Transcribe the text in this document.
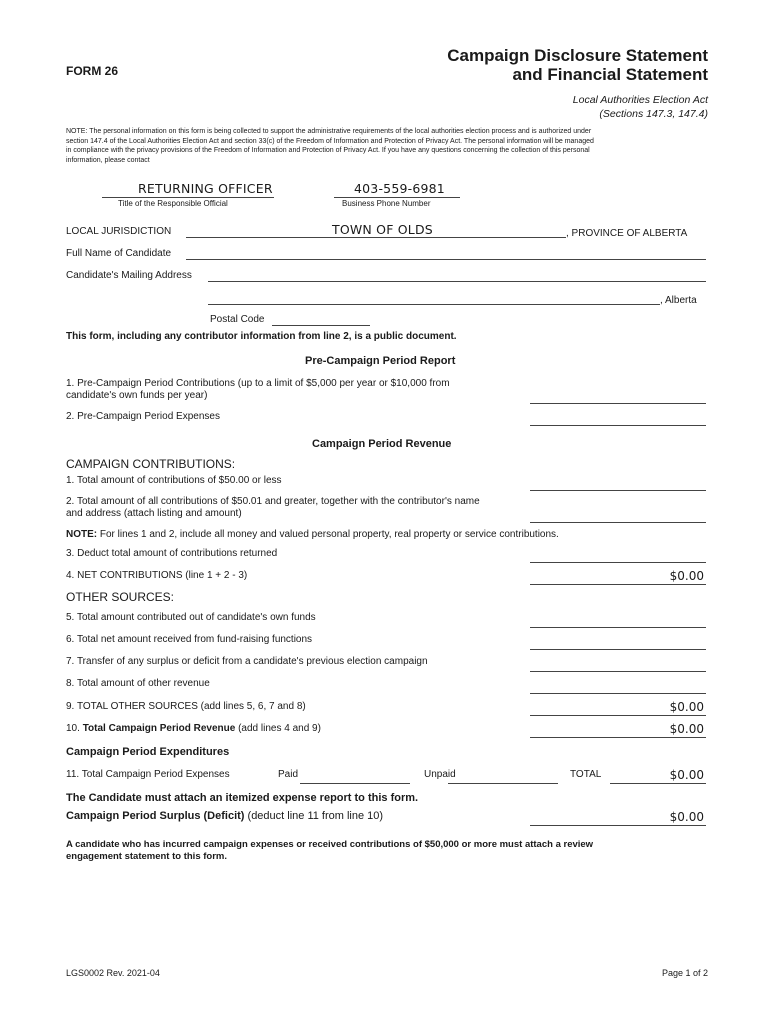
FORM 26
Campaign Disclosure Statement
and Financial Statement
Local Authorities Election Act
(Sections 147.3, 147.4)
NOTE: The personal information on this form is being collected to support the administrative requirements of the local authorities election process and is authorized under
section 147.4 of the Local Authorities Election Act and section 33(c) of the Freedom of Information and Protection of Privacy Act. The personal information will be managed
in compliance with the privacy provisions of the Freedom of Information and Protection of Privacy Act. If you have any questions concerning the collection of this personal
information, please contact
RETURNING OFFICER
Title of the Responsible Official
403-559-6981
Business Phone Number
LOCAL JURISDICTION	TOWN OF OLDS	, PROVINCE OF ALBERTA
Full Name of Candidate
Candidate's Mailing Address
, Alberta
Postal Code
This form, including any contributor information from line 2, is a public document.
Pre-Campaign Period Report
1. Pre-Campaign Period Contributions (up to a limit of $5,000 per year or $10,000 from
candidate's own funds per year)
2. Pre-Campaign Period Expenses
Campaign Period Revenue
CAMPAIGN CONTRIBUTIONS:
1. Total amount of contributions of $50.00 or less
2. Total amount of all contributions of $50.01 and greater, together with the contributor's name
and address (attach listing and amount)
NOTE: For lines 1 and 2, include all money and valued personal property, real property or service contributions.
3. Deduct total amount of contributions returned
4. NET CONTRIBUTIONS (line 1 + 2 - 3)	$0.00
OTHER SOURCES:
5. Total amount contributed out of candidate's own funds
6. Total net amount received from fund-raising functions
7. Transfer of any surplus or deficit from a candidate's previous election campaign
8. Total amount of other revenue
9. TOTAL OTHER SOURCES (add lines 5, 6, 7 and 8)	$0.00
10. Total Campaign Period Revenue (add lines 4 and 9)	$0.00
Campaign Period Expenditures
11. Total Campaign Period Expenses	Paid	Unpaid	TOTAL	$0.00
The Candidate must attach an itemized expense report to this form.
Campaign Period Surplus (Deficit) (deduct line 11 from line 10)	$0.00
A candidate who has incurred campaign expenses or received contributions of $50,000 or more must attach a review
engagement statement to this form.
LGS0002 Rev. 2021-04	Page 1 of 2
